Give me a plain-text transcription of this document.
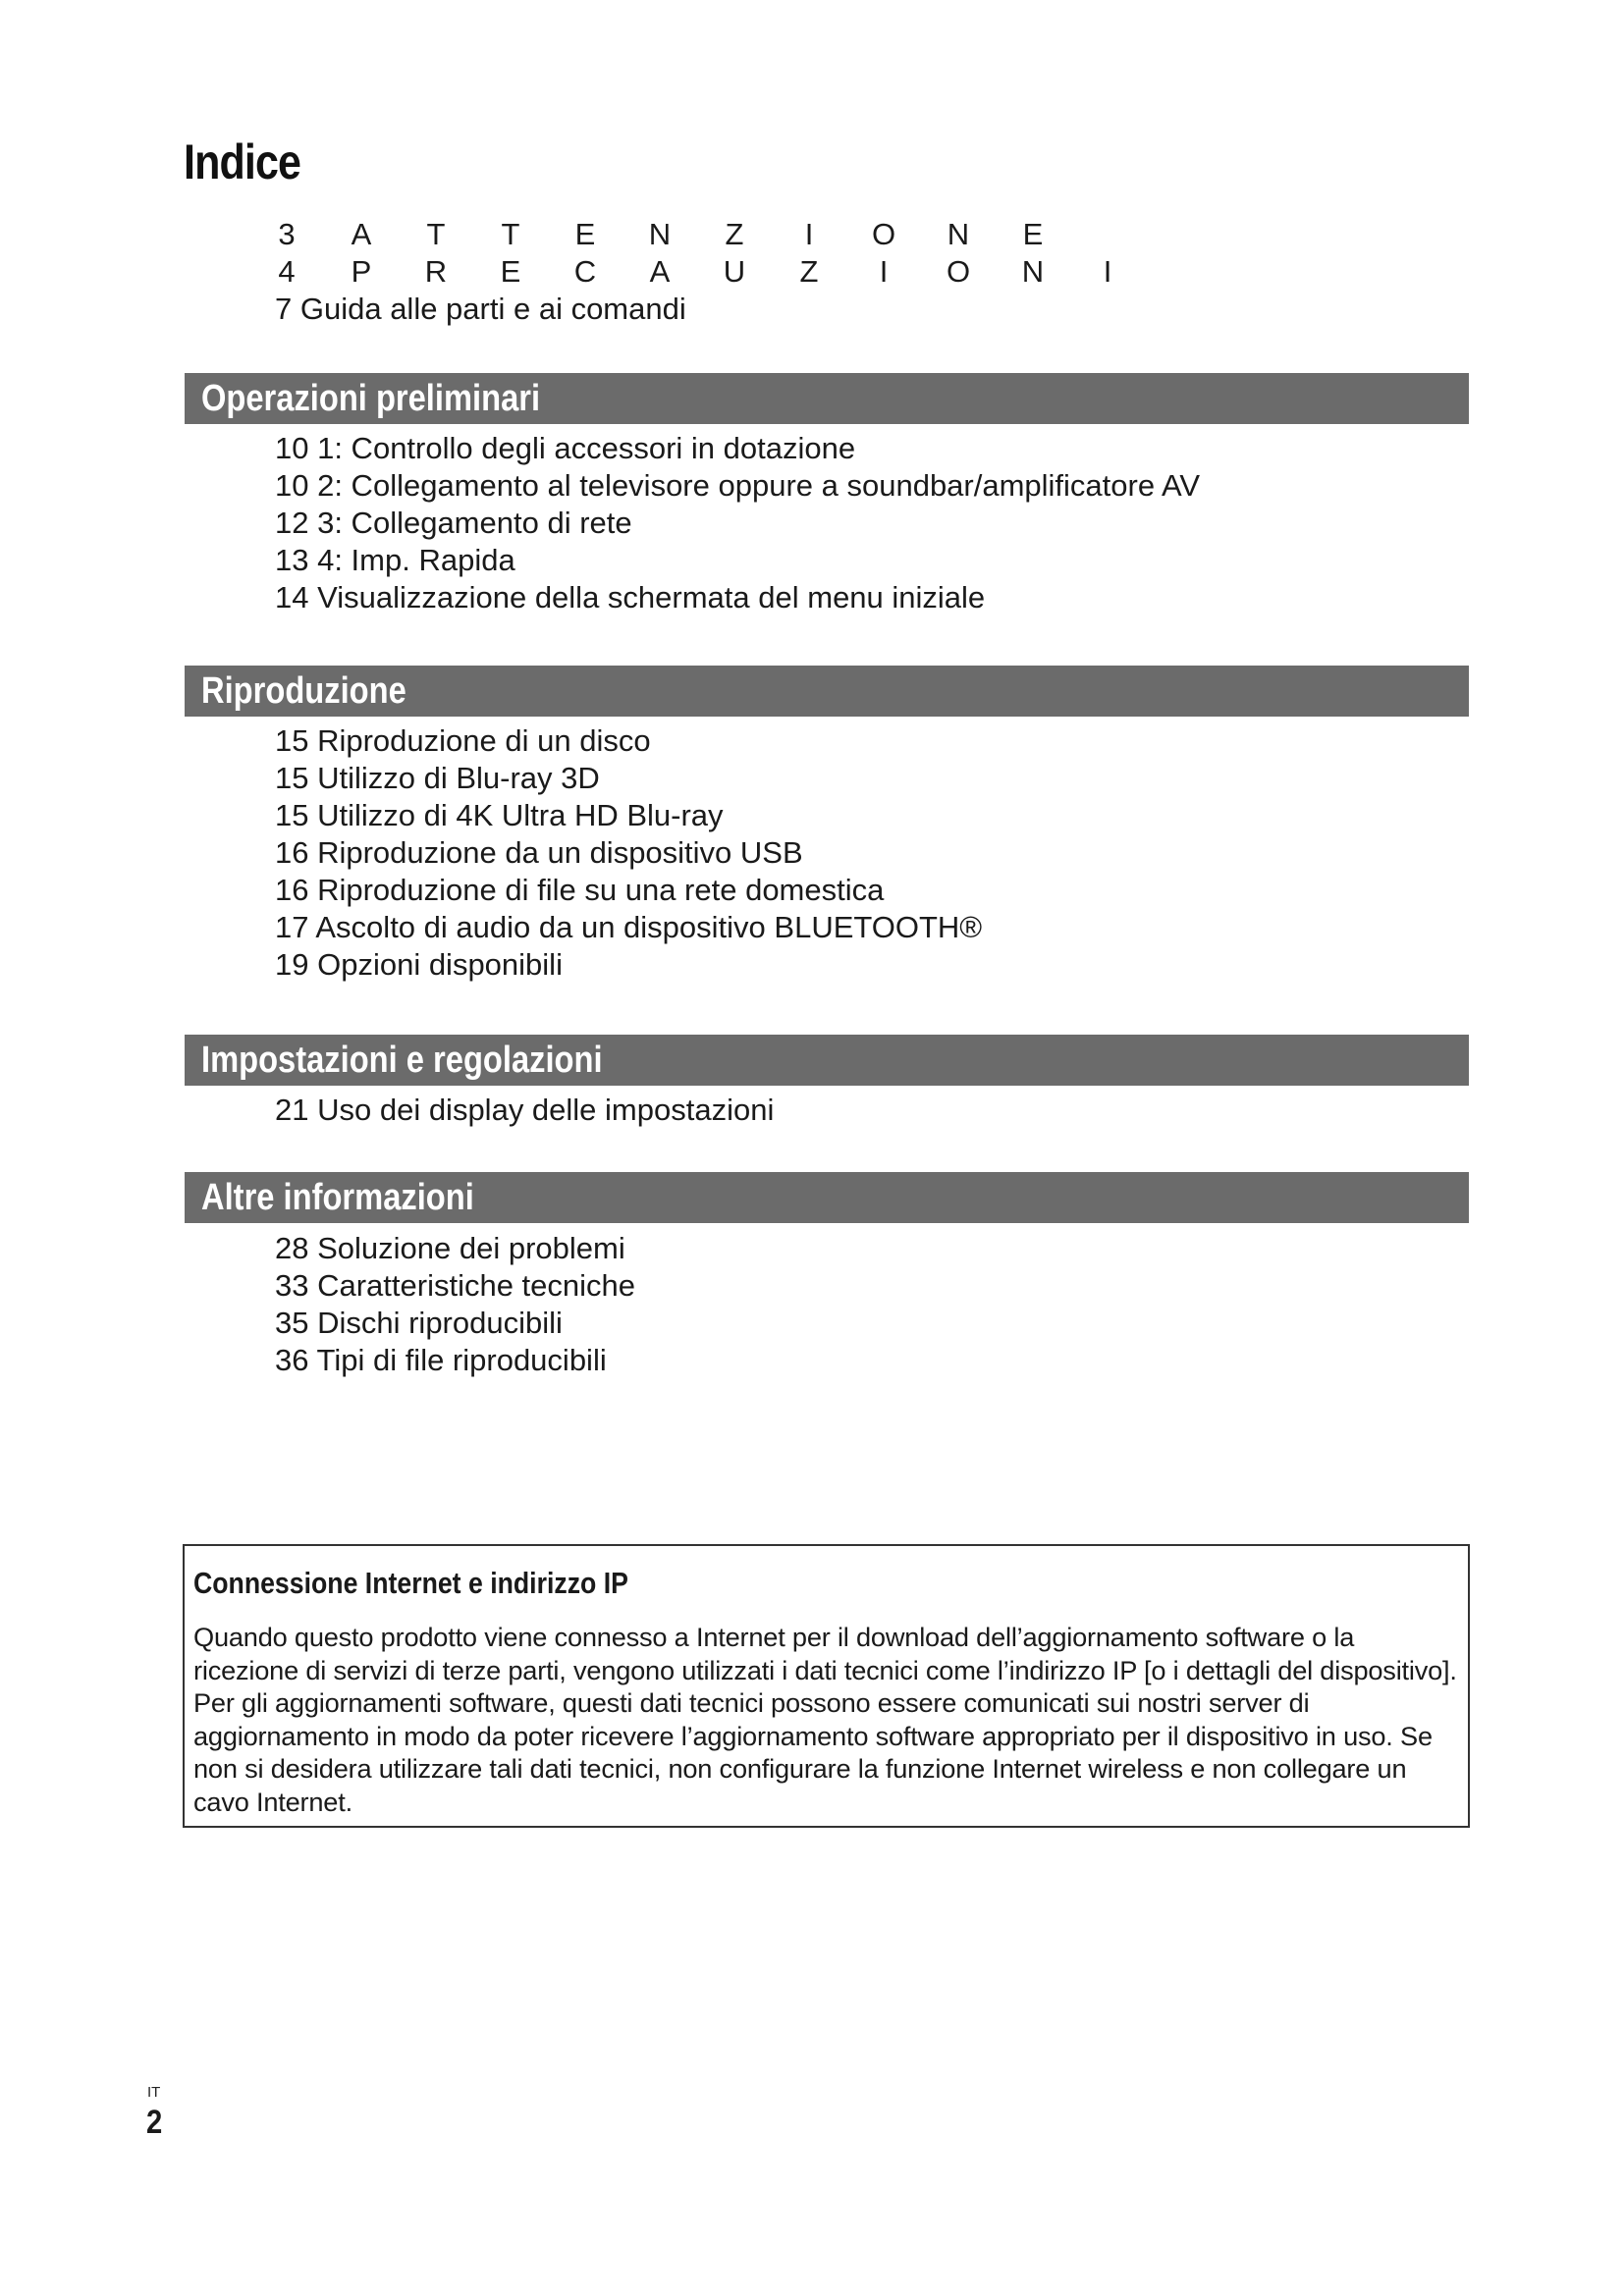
Indice
3 A T T E N Z I O N E
4 P R E C A U Z I O N I
7 Guida alle parti e ai comandi
Operazioni preliminari
10 1: Controllo degli accessori in dotazione
10 2: Collegamento al televisore oppure a soundbar/amplificatore AV
12 3: Collegamento di rete
13 4: Imp. Rapida
14 Visualizzazione della schermata del menu iniziale
Riproduzione
15 Riproduzione di un disco
15 Utilizzo di Blu-ray 3D
15 Utilizzo di 4K Ultra HD Blu-ray
16 Riproduzione da un dispositivo USB
16 Riproduzione di file su una rete domestica
17 Ascolto di audio da un dispositivo BLUETOOTH®
19 Opzioni disponibili
Impostazioni e regolazioni
21 Uso dei display delle impostazioni
Altre informazioni
28 Soluzione dei problemi
33 Caratteristiche tecniche
35 Dischi riproducibili
36 Tipi di file riproducibili
Connessione Internet e indirizzo IP

Quando questo prodotto viene connesso a Internet per il download dell’aggiornamento software o la ricezione di servizi di terze parti, vengono utilizzati i dati tecnici come l’indirizzo IP [o i dettagli del dispositivo]. Per gli aggiornamenti software, questi dati tecnici possono essere comunicati sui nostri server di aggiornamento in modo da poter ricevere l’aggiornamento software appropriato per il dispositivo in uso. Se non si desidera utilizzare tali dati tecnici, non configurare la funzione Internet wireless e non collegare un cavo Internet.

IT
2
